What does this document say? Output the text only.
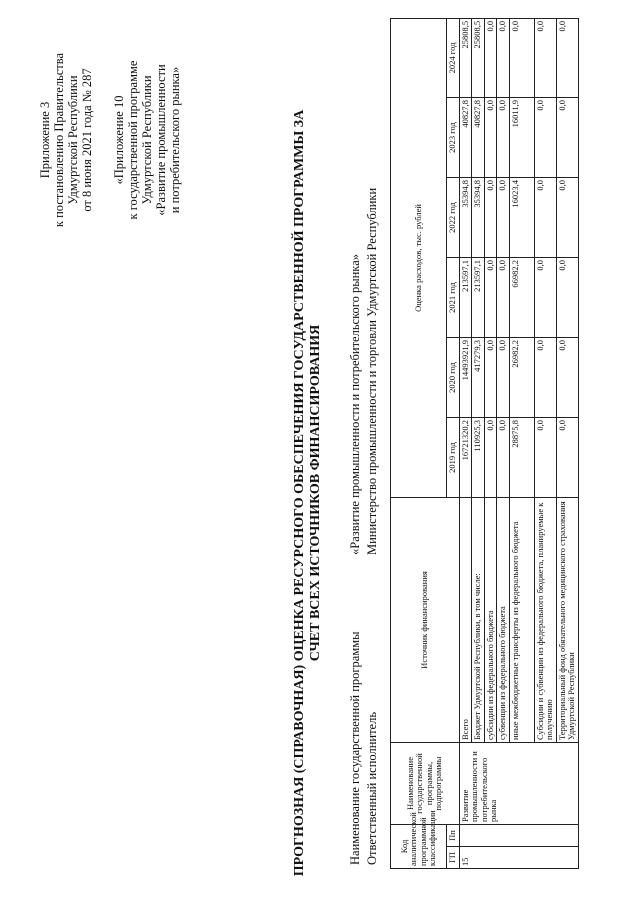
Приложение 3 к постановлению Правительства Удмуртской Республики от 8 июня 2021 года № 287 «Приложение 10 к государственной программе Удмуртской Республики «Развитие промышленности и потребительского рынка»	ПРОГНОЗНАЯ (СПРАВОЧНАЯ) ОЦЕНКА РЕСУРСНОГО ОБЕСПЕЧЕНИЯ ГОСУДАРСТВЕННОЙ ПРОГРАММЫ ЗА СЧЕТ ВСЕХ ИСТОЧНИКОВ ФИНАНСИРОВАНИЯ
Наименование государственной программы«Развитие промышленности и потребительского рынка»
Ответственный исполнительМинистерство промышленности и торговли Удмуртской Республики
Код аналитической программной классификации		Наименование государственной программы, подпрограммы	Источник финансирования	Оценка расходов, тыс. рублей					
ГП	Пп			2019 год	2020 год	2021 год	2022 год	2023 год	2024 год
15		Развитие промышленности и потребительского рынка	Всего	16721320,2	14493921,9	213597,1	35394,8	40827,8	25808,5
			Бюджет Удмуртской Республики, в том числе:	110925,3	417279,3	213597,1	35394,8	40827,8	25808,5
			субсидии из федерального бюджета	0,0	0,0	0,0	0,0	0,0	0,0
			субвенции из федерального бюджета	0,0	0,0	0,0	0,0	0,0	0,0
			иные межбюджетные трансферты из федерального бюджета	28875,8	26982,2	66982,2	16023,4	16011,9	0,0
			Субсидии и субвенции из федерального бюджета, планируемые к получению	0,0	0,0	0,0	0,0	0,0	0,0
			Территориальный фонд обязательного медицинского страхования Удмуртской Республики	0,0	0,0	0,0	0,0	0,0	0,0
